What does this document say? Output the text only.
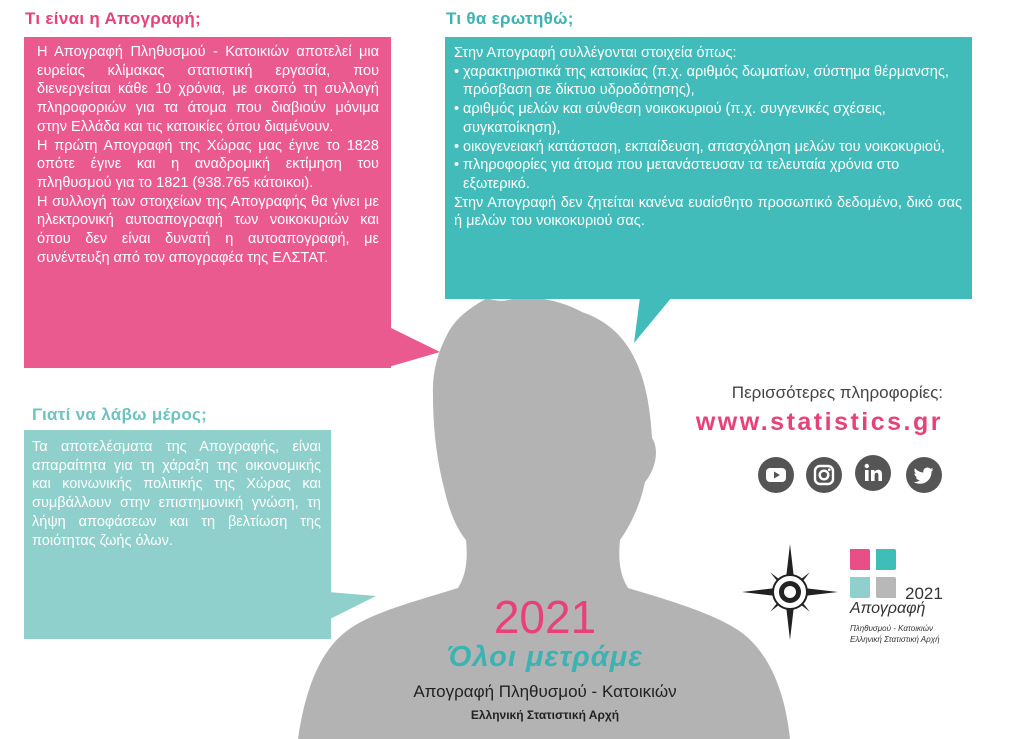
Τι είναι η Απογραφή;
Η Απογραφή Πληθυσμού - Κατοικιών αποτελεί μια ευρείας κλίμακας στατιστική εργασία, που διενεργείται κάθε 10 χρόνια, με σκοπό τη συλλογή πληροφοριών για τα άτομα που διαβιούν μόνιμα στην Ελλάδα και τις κατοικίες όπου διαμένουν.
Η πρώτη Απογραφή της Χώρας μας έγινε το 1828 οπότε έγινε και η αναδρομική εκτίμηση του πληθυσμού για το 1821 (938.765 κάτοικοι).
Η συλλογή των στοιχείων της Απογραφής θα γίνει με ηλεκτρονική αυτοαπογραφή των νοικοκυριών και όπου δεν είναι δυνατή η αυτοαπογραφή, με συνέντευξη από τον απογραφέα της ΕΛΣΤΑΤ.
Τι θα ερωτηθώ;
Στην Απογραφή συλλέγονται στοιχεία όπως:
• χαρακτηριστικά της κατοικίας (π.χ. αριθμός δωματίων, σύστημα θέρμανσης, πρόσβαση σε δίκτυο υδροδότησης),
• αριθμός μελών και σύνθεση νοικοκυριού (π.χ. συγγενικές σχέσεις, συγκατοίκηση),
• οικογενειακή κατάσταση, εκπαίδευση, απασχόληση μελών του νοικοκυριού,
• πληροφορίες για άτομα που μετανάστευσαν τα τελευταία χρόνια στο εξωτερικό.
Στην Απογραφή δεν ζητείται κανένα ευαίσθητο προσωπικό δεδομένο, δικό σας ή μελών του νοικοκυριού σας.
Γιατί να λάβω μέρος;
Τα αποτελέσματα της Απογραφής, είναι απαραίτητα για τη χάραξη της οικονομικής και κοινωνικής πολιτικής της Χώρας και συμβάλλουν στην επιστημονική γνώση, τη λήψη αποφάσεων και τη βελτίωση της ποιότητας ζωής όλων.
Περισσότερες πληροφορίες:
www.statistics.gr
2021
Απογραφή
Πληθυσμού - Κατοικιών
Ελληνική Στατιστική Αρχή
2021
Όλοι μετράμε
Απογραφή Πληθυσμού - Κατοικιών
Ελληνική Στατιστική Αρχή
